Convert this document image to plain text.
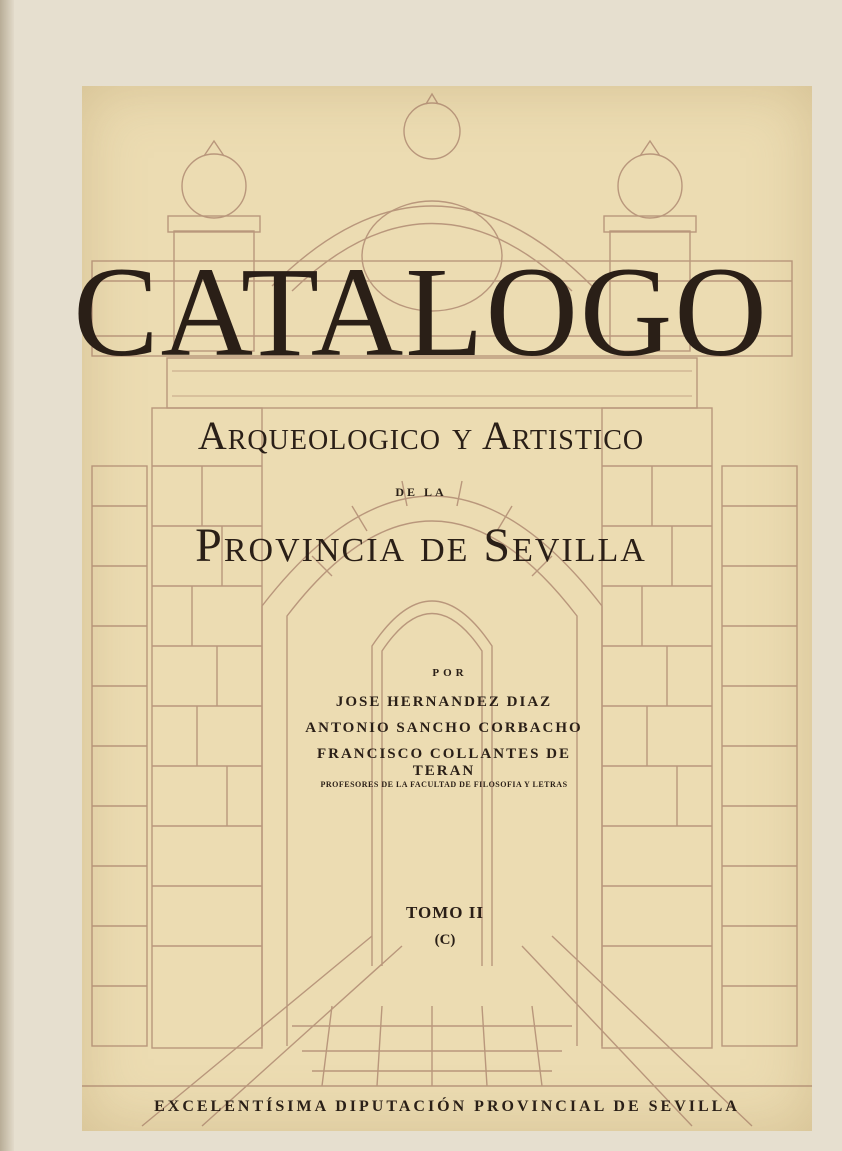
CATALOGO
Arqueologico y Artistico
DE LA
Provincia de Sevilla
POR
JOSE HERNANDEZ DIAZ
ANTONIO SANCHO CORBACHO
FRANCISCO COLLANTES DE TERAN
PROFESORES DE LA FACULTAD DE FILOSOFIA Y LETRAS
TOMO II
(C)
EXCELENTÍSIMA DIPUTACIÓN PROVINCIAL DE SEVILLA
